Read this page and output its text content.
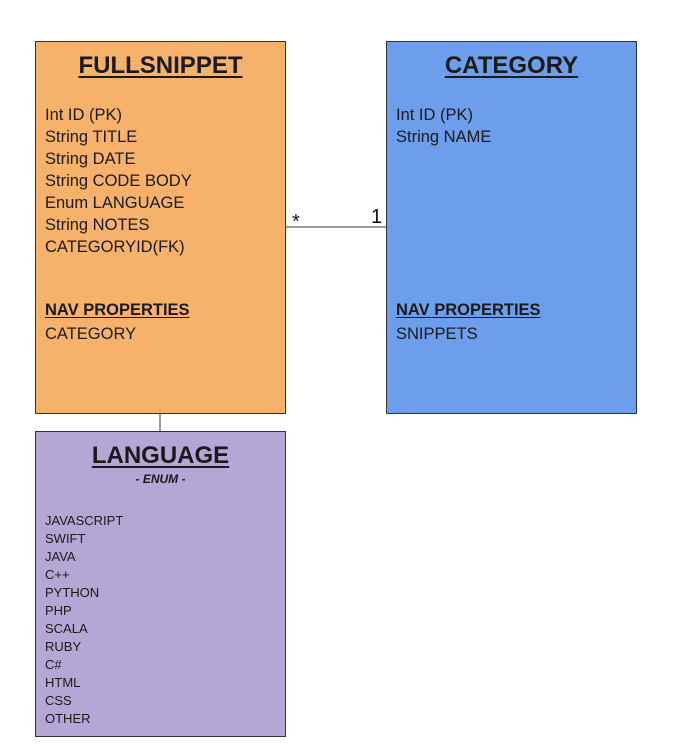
*	1
FULLSNIPPET
Int ID (PK)
String TITLE
String DATE
String CODE BODY
Enum LANGUAGE
String NOTES
CATEGORYID(FK)
NAV PROPERTIES
CATEGORY
CATEGORY
Int ID (PK)
String NAME
NAV PROPERTIES
SNIPPETS
LANGUAGE
- ENUM -
JAVASCRIPT
SWIFT
JAVA
C++
PYTHON
PHP
SCALA
RUBY
C#
HTML
CSS
OTHER
